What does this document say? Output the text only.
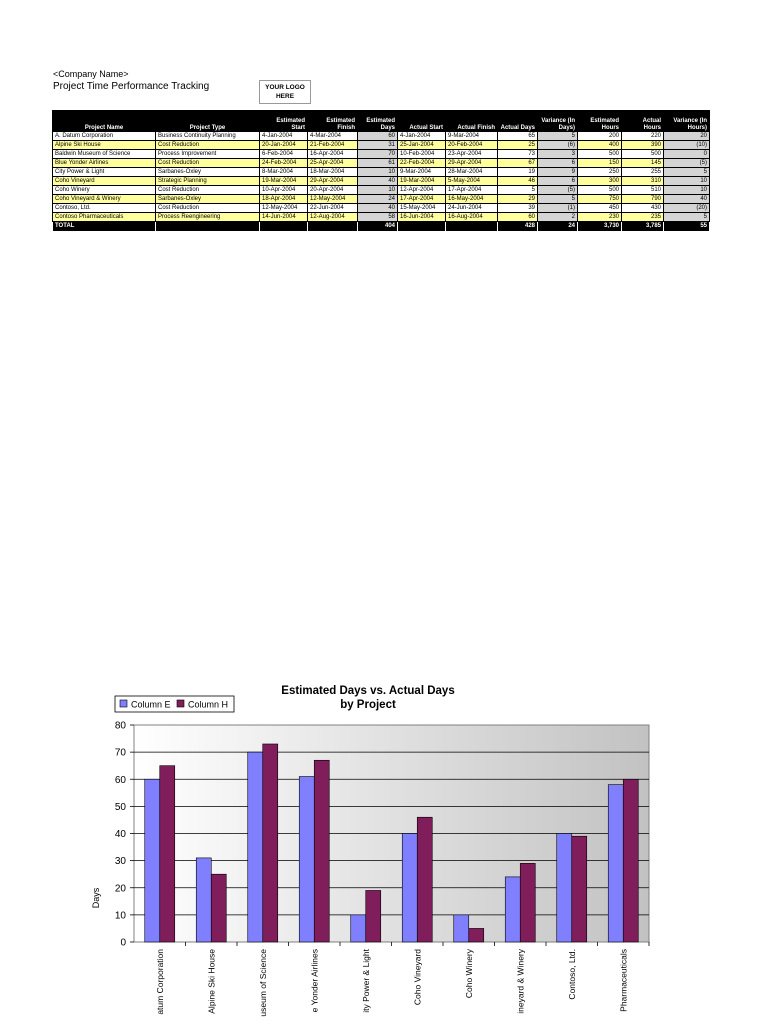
<Company Name>
Project Time Performance Tracking	YOUR LOGO
HERE
Project Name	Project Type	Estimated Start	Estimated Finish	Estimated Days	Actual Start	Actual Finish	Actual Days	Variance (In Days)	Estimated Hours	Actual Hours	Variance (In Hours)
A. Datum Corporation	Business Continuity Planning	4-Jan-2004	4-Mar-2004	60	4-Jan-2004	9-Mar-2004	65	5	200	220	20
Alpine Ski House	Cost Reduction	20-Jan-2004	21-Feb-2004	31	25-Jan-2004	20-Feb-2004	25	(6)	400	390	(10)
Baldwin Museum of Science	Process Improvement	6-Feb-2004	16-Apr-2004	70	10-Feb-2004	23-Apr-2004	73	3	500	500	0
Blue Yonder Airlines	Cost Reduction	24-Feb-2004	25-Apr-2004	61	22-Feb-2004	29-Apr-2004	67	6	150	145	(5)
City Power & Light	Sarbanes-Oxley	8-Mar-2004	18-Mar-2004	10	9-Mar-2004	28-Mar-2004	19	9	250	255	5
Coho Vineyard	Strategic Planning	19-Mar-2004	29-Apr-2004	40	19-Mar-2004	5-May-2004	46	6	300	310	10
Coho Winery	Cost Reduction	10-Apr-2004	20-Apr-2004	10	12-Apr-2004	17-Apr-2004	5	(5)	500	510	10
Coho Vineyard & Winery	Sarbanes-Oxley	18-Apr-2004	12-May-2004	24	17-Apr-2004	16-May-2004	29	5	750	790	40
Contoso, Ltd.	Cost Reduction	12-May-2004	22-Jun-2004	40	15-May-2004	24-Jun-2004	39	(1)	450	430	(20)
Contoso Pharmaceuticals	Process Reengineering	14-Jun-2004	12-Aug-2004	58	16-Jun-2004	16-Aug-2004	60	2	230	235	5
TOTAL				404			428	24	3,730	3,785	55
Estimated Days vs. Actual Days
by Project
Column E Column H
0
10
20
30
40
50
60
70
80
atum Corporation	Alpine Ski House	useum of Science	e Yonder Airlines	ity Power & Light	Coho Vineyard	Coho Winery	ineyard & Winery	Contoso, Ltd.	Pharmaceuticals
Days
